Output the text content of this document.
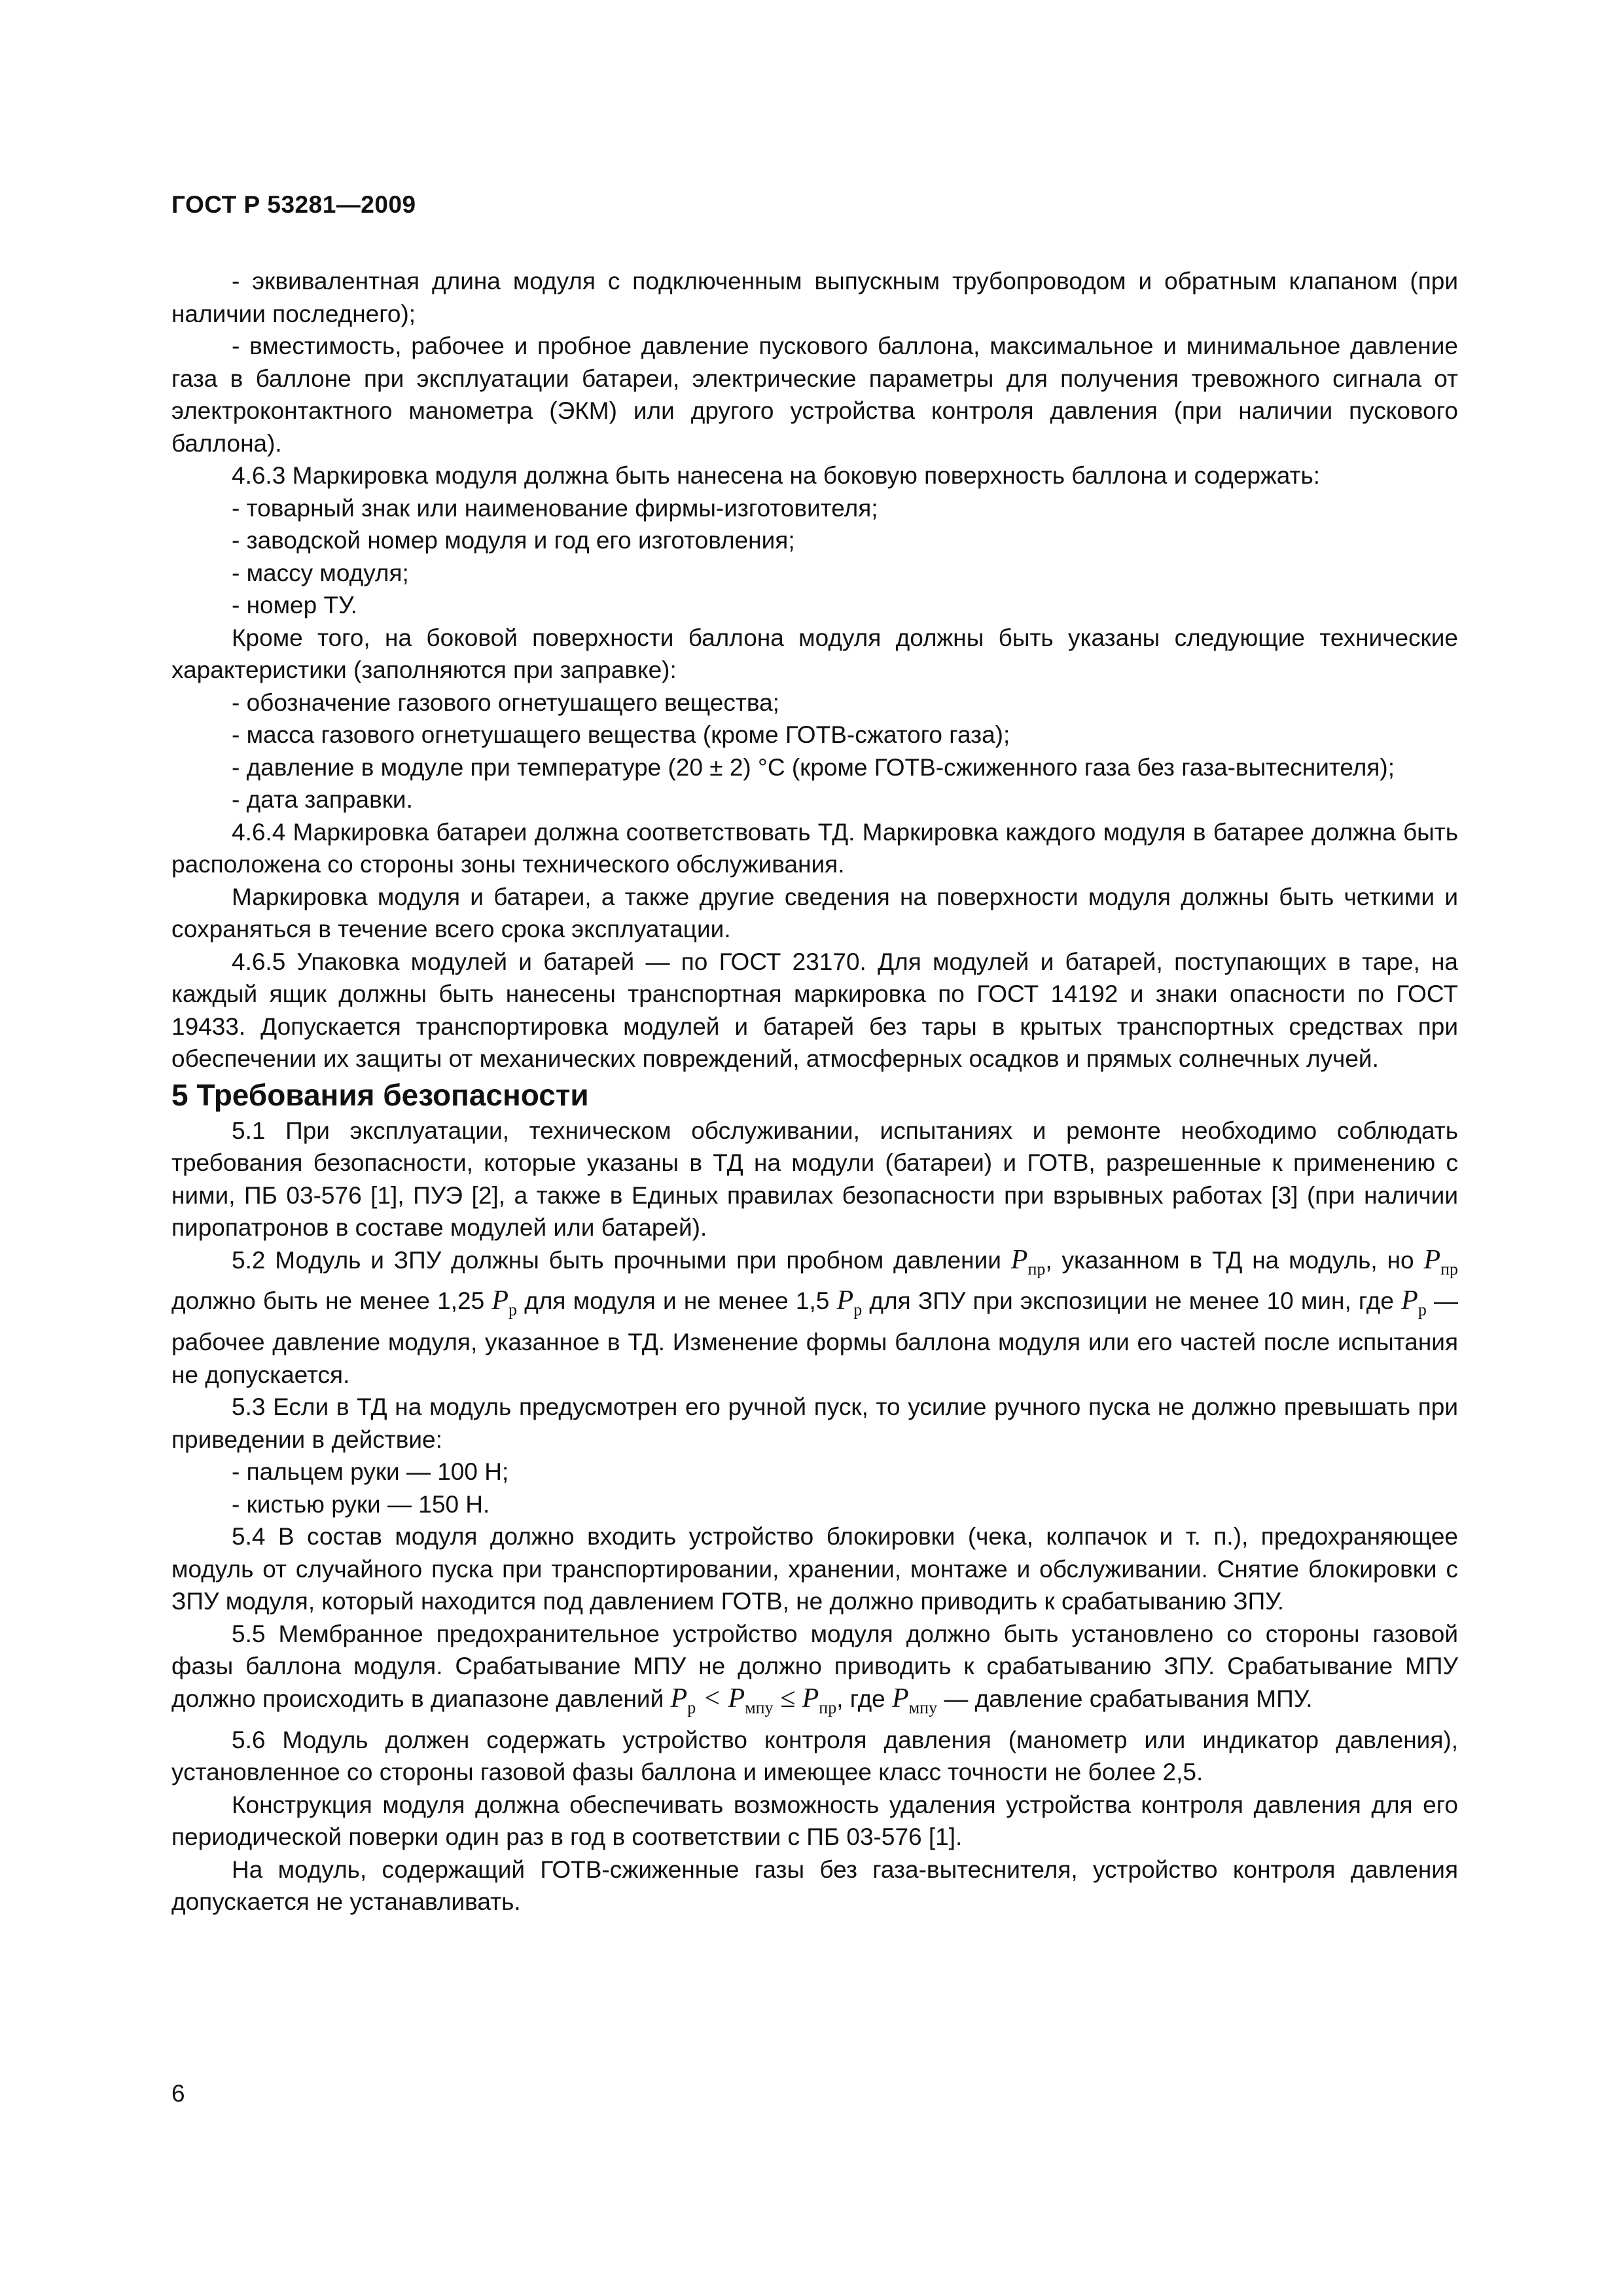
ГОСТ Р 53281—2009

- эквивалентная длина модуля с подключенным выпускным трубопроводом и обратным клапаном (при наличии последнего);

- вместимость, рабочее и пробное давление пускового баллона, максимальное и минимальное давление газа в баллоне при эксплуатации батареи, электрические параметры для получения тревожного сигнала от электроконтактного манометра (ЭКМ) или другого устройства контроля давления (при наличии пускового баллона).

4.6.3 Маркировка модуля должна быть нанесена на боковую поверхность баллона и содержать:

- товарный знак или наименование фирмы-изготовителя;

- заводской номер модуля и год его изготовления;

- массу модуля;

- номер ТУ.

Кроме того, на боковой поверхности баллона модуля должны быть указаны следующие технические характеристики (заполняются при заправке):

- обозначение газового огнетушащего вещества;

- масса газового огнетушащего вещества (кроме ГОТВ-сжатого газа);

- давление в модуле при температуре (20 ± 2) °С (кроме ГОТВ-сжиженного газа без газа-вытеснителя);

- дата заправки.

4.6.4 Маркировка батареи должна соответствовать ТД. Маркировка каждого модуля в батарее должна быть расположена со стороны зоны технического обслуживания.

Маркировка модуля и батареи, а также другие сведения на поверхности модуля должны быть четкими и сохраняться в течение всего срока эксплуатации.

4.6.5 Упаковка модулей и батарей — по ГОСТ 23170. Для модулей и батарей, поступающих в таре, на каждый ящик должны быть нанесены транспортная маркировка по ГОСТ 14192 и знаки опасности по ГОСТ 19433. Допускается транспортировка модулей и батарей без тары в крытых транспортных средствах при обеспечении их защиты от механических повреждений, атмосферных осадков и прямых солнечных лучей.

5 Требования безопасности

5.1 При эксплуатации, техническом обслуживании, испытаниях и ремонте необходимо соблюдать требования безопасности, которые указаны в ТД на модули (батареи) и ГОТВ, разрешенные к применению с ними, ПБ 03-576 [1], ПУЭ [2], а также в Единых правилах безопасности при взрывных работах [3] (при наличии пиропатронов в составе модулей или батарей).

5.2 Модуль и ЗПУ должны быть прочными при пробном давлении $P_{пр}$, указанном в ТД на модуль, но $P_{пр}$ должно быть не менее 1,25 $P_р$ для модуля и не менее 1,5 $P_р$ для ЗПУ при экспозиции не менее 10 мин, где $P_р$ — рабочее давление модуля, указанное в ТД. Изменение формы баллона модуля или его частей после испытания не допускается.

5.3 Если в ТД на модуль предусмотрен его ручной пуск, то усилие ручного пуска не должно превышать при приведении в действие:

- пальцем руки — 100 Н;

- кистью руки — 150 Н.

5.4 В состав модуля должно входить устройство блокировки (чека, колпачок и т. п.), предохраняющее модуль от случайного пуска при транспортировании, хранении, монтаже и обслуживании. Снятие блокировки с ЗПУ модуля, который находится под давлением ГОТВ, не должно приводить к срабатыванию ЗПУ.

5.5 Мембранное предохранительное устройство модуля должно быть установлено со стороны газовой фазы баллона модуля. Срабатывание МПУ не должно приводить к срабатыванию ЗПУ. Срабатывание МПУ должно происходить в диапазоне давлений $P_р < P_{мпу} \le P_{пр}$, где $P_{мпу}$ — давление срабатывания МПУ.

5.6 Модуль должен содержать устройство контроля давления (манометр или индикатор давления), установленное со стороны газовой фазы баллона и имеющее класс точности не более 2,5.

Конструкция модуля должна обеспечивать возможность удаления устройства контроля давления для его периодической поверки один раз в год в соответствии с ПБ 03-576 [1].

На модуль, содержащий ГОТВ-сжиженные газы без газа-вытеснителя, устройство контроля давления допускается не устанавливать.

6
